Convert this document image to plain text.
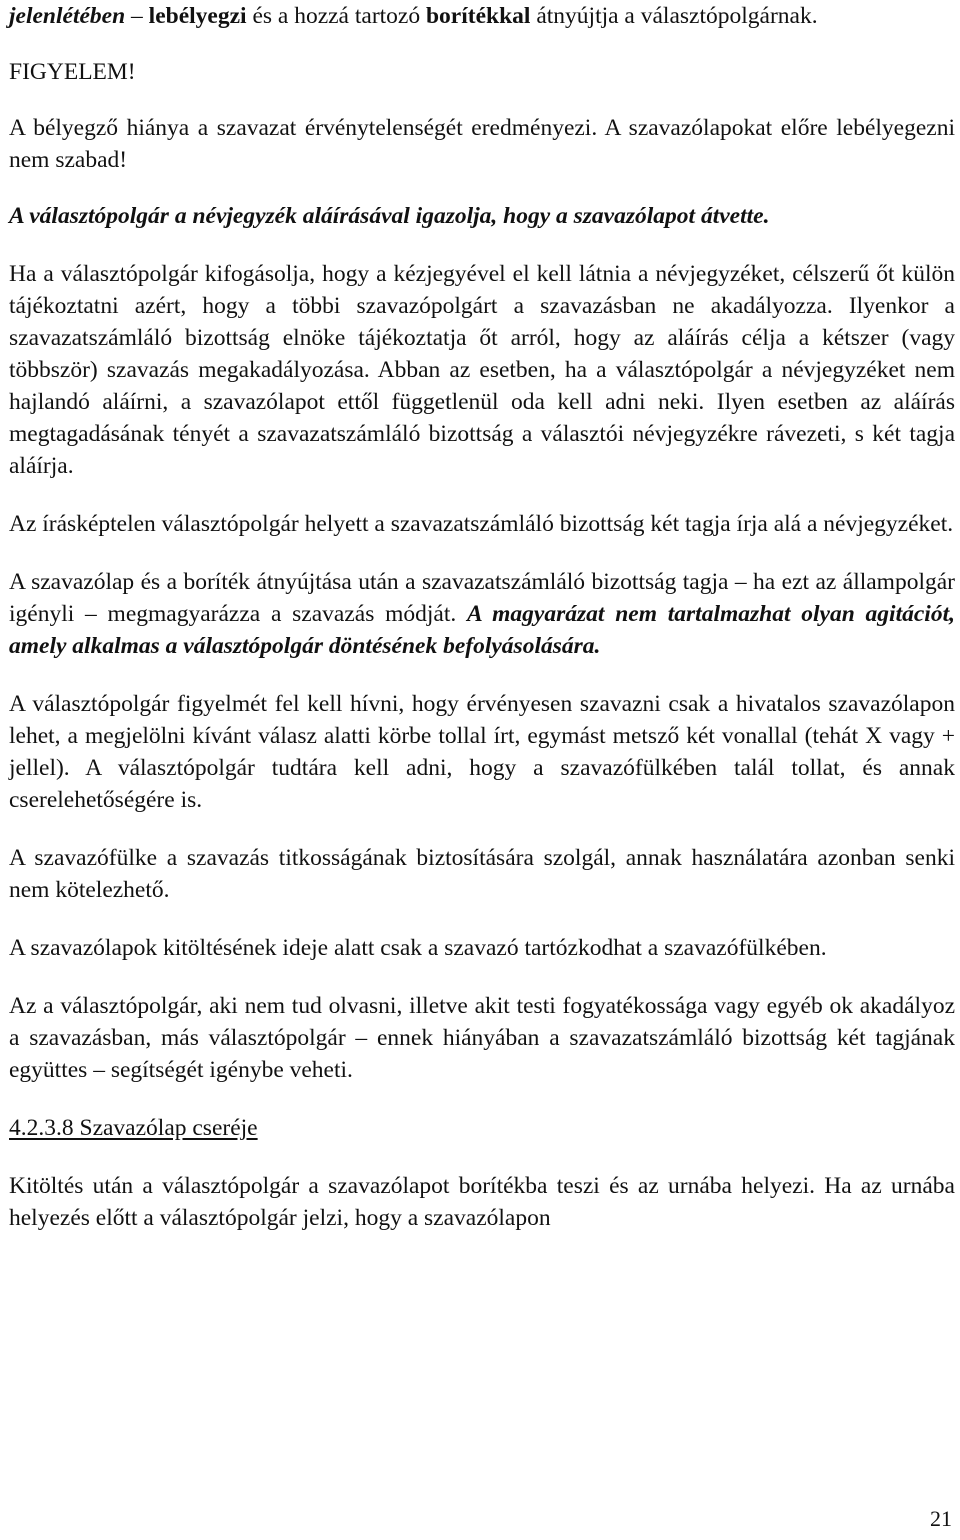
jelenlétében – lebélyegzi és a hozzá tartozó borítékkal átnyújtja a választópolgárnak.

FIGYELEM!

A bélyegző hiánya a szavazat érvénytelenségét eredményezi. A szavazólapokat előre lebélyegezni nem szabad!

A választópolgár a névjegyzék aláírásával igazolja, hogy a szavazólapot átvette.

Ha a választópolgár kifogásolja, hogy a kézjegyével el kell látnia a névjegyzéket, célszerű őt külön tájékoztatni azért, hogy a többi szavazópolgárt a szavazásban ne akadályozza. Ilyenkor a szavazatszámláló bizottság elnöke tájékoztatja őt arról, hogy az aláírás célja a kétszer (vagy többször) szavazás megakadályozása. Abban az esetben, ha a választópolgár a névjegyzéket nem hajlandó aláírni, a szavazólapot ettől függetlenül oda kell adni neki. Ilyen esetben az aláírás megtagadásának tényét a szavazatszámláló bizottság a választói névjegyzékre rávezeti, s két tagja aláírja.

Az írásképtelen választópolgár helyett a szavazatszámláló bizottság két tagja írja alá a névjegyzéket.

A szavazólap és a boríték átnyújtása után a szavazatszámláló bizottság tagja – ha ezt az állampolgár igényli – megmagyarázza a szavazás módját. A magyarázat nem tartalmazhat olyan agitációt, amely alkalmas a választópolgár döntésének befolyásolására.

A választópolgár figyelmét fel kell hívni, hogy érvényesen szavazni csak a hivatalos szavazólapon lehet, a megjelölni kívánt válasz alatti körbe tollal írt, egymást metsző két vonallal (tehát X vagy + jellel). A választópolgár tudtára kell adni, hogy a szavazófülkében talál tollat, és annak cserelehetőségére is.

A szavazófülke a szavazás titkosságának biztosítására szolgál, annak használatára azonban senki nem kötelezhető.

A szavazólapok kitöltésének ideje alatt csak a szavazó tartózkodhat a szavazófülkében.

Az a választópolgár, aki nem tud olvasni, illetve akit testi fogyatékossága vagy egyéb ok akadályoz a szavazásban, más választópolgár – ennek hiányában a szavazatszámláló bizottság két tagjának együttes – segítségét igénybe veheti.

4.2.3.8 Szavazólap cseréje

Kitöltés után a választópolgár a szavazólapot borítékba teszi és az urnába helyezi. Ha az urnába helyezés előtt a választópolgár jelzi, hogy a szavazólapon

21
